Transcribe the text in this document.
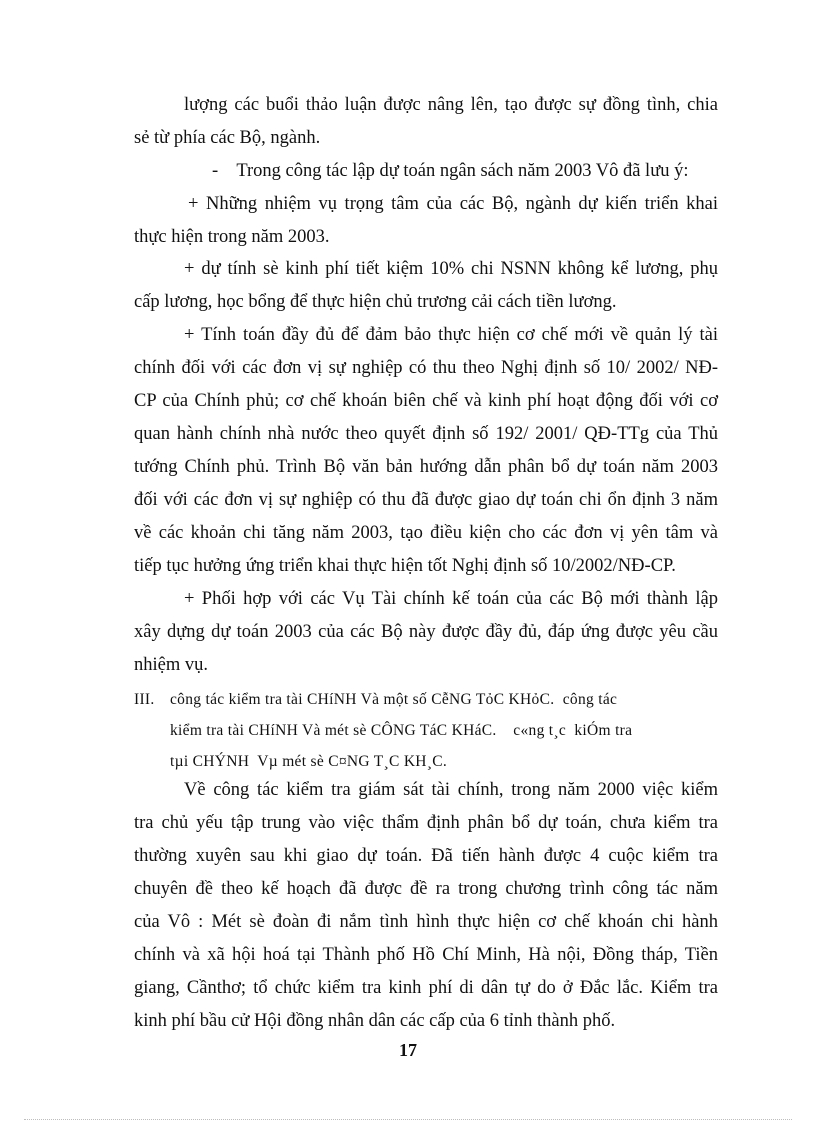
lượng các buổi thảo luận được nâng lên, tạo được sự đồng tình, chia
sẻ từ phía các Bộ, ngành.
-    Trong công tác lập dự toán ngân sách năm 2003 Vô đã lưu ý:
+ Những nhiệm vụ trọng tâm của các Bộ, ngành dự kiến triển khai
thực hiện trong năm 2003.
+ dự tính sè kinh phí tiết kiệm 10% chi NSNN không kể lương, phụ
cấp lương, học bổng để thực hiện chủ trương cải cách tiền lương.
+ Tính toán đầy đủ để đảm bảo thực hiện cơ chế mới về quản lý tài
chính đối với các đơn vị sự nghiệp có thu theo Nghị định số 10/ 2002/ NĐ-
CP của Chính phủ; cơ chế khoán biên chế và kinh phí hoạt động đối với cơ
quan hành chính nhà nước theo quyết định số 192/ 2001/ QĐ-TTg của Thủ
tướng Chính phủ. Trình Bộ văn bản hướng dẫn phân bổ dự toán năm 2003
đối với các đơn vị sự nghiệp có thu đã được giao dự toán chi ổn định 3 năm
về các khoản chi tăng năm 2003, tạo điều kiện cho các đơn vị yên tâm và
tiếp tục hưởng ứng triển khai thực hiện tốt Nghị định số 10/2002/NĐ-CP.
+ Phối hợp với các Vụ Tài chính kế toán của các Bộ mới thành lập
xây dựng dự toán 2003 của các Bộ này được đầy đủ, đáp ứng được yêu cầu
nhiệm vụ.
III. công tác kiểm tra tài CHíNH Và một số CễNG TỏC KHỏC.  công tác
kiểm tra tài CHíNH Và mét sè CÔNG TáC KHáC.    c«ng t¸c  kiÓm tra
tµi CHÝNH  Vµ mét sè C¤NG T¸C KH¸C.
Về công tác kiểm tra giám sát tài chính, trong năm 2000 việc kiểm
tra chủ yếu tập trung vào việc thẩm định phân bổ dự toán, chưa kiểm tra
thường xuyên sau khi giao dự toán. Đã tiến hành được 4 cuộc kiểm tra
chuyên đề theo kế hoạch đã được đề ra trong chương trình công tác năm
của Vô : Mét sè đoàn đi nắm tình hình thực hiện cơ chế khoán chi hành
chính và xã hội hoá tại Thành phố Hồ Chí Minh, Hà nội, Đồng tháp, Tiền
giang, Cầnthơ; tổ chức kiểm tra kinh phí di dân tự do ở Đắc lắc. Kiểm tra
kinh phí bầu cử Hội đồng nhân dân các cấp của 6 tỉnh thành phố.
17
